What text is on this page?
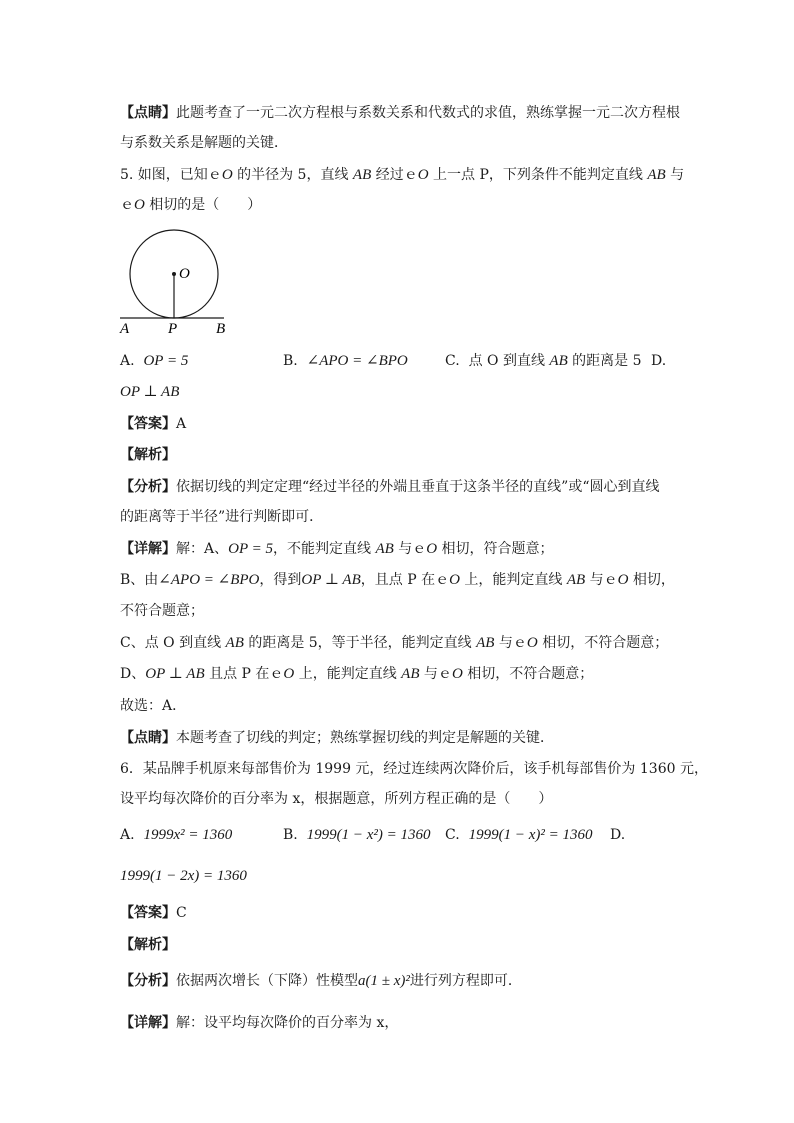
【点睛】此题考查了一元二次方程根与系数关系和代数式的求值，熟练掌握一元二次方程根
与系数关系是解题的关键．
5. 如图，已知ｅO 的半径为 5，直线 AB 经过ｅO 上一点 P，下列条件不能判定直线 AB 与
ｅO 相切的是（　　）
O
A	P	B
A. OP = 5	B. ∠APO = ∠BPO	C. 点 O 到直线 AB 的距离是 5 D.
OP ⊥ AB
【答案】A
【解析】
【分析】依据切线的判定定理“经过半径的外端且垂直于这条半径的直线”或“圆心到直线
的距离等于半径”进行判断即可．
【详解】解：A、OP = 5，不能判定直线 AB 与ｅO 相切，符合题意；
B、由∠APO = ∠BPO，得到OP ⊥ AB，且点 P 在ｅO 上，能判定直线 AB 与ｅO 相切，
不符合题意；
C、点 O 到直线 AB 的距离是 5，等于半径，能判定直线 AB 与ｅO 相切，不符合题意；
D、OP ⊥ AB 且点 P 在ｅO 上，能判定直线 AB 与ｅO 相切，不符合题意；
故选：A．
【点睛】本题考查了切线的判定；熟练掌握切线的判定是解题的关键．
6．某品牌手机原来每部售价为 1999 元，经过连续两次降价后，该手机每部售价为 1360 元，
设平均每次降价的百分率为 x，根据题意，所列方程正确的是（　　）
A. 1999x² = 1360	B. 1999(1 − x²) = 1360 C. 1999(1 − x)² = 1360 D.
1999(1 − 2x) = 1360
【答案】C
【解析】
【分析】依据两次增长（下降）性模型a(1 ± x)²进行列方程即可．
【详解】解：设平均每次降价的百分率为 x，
